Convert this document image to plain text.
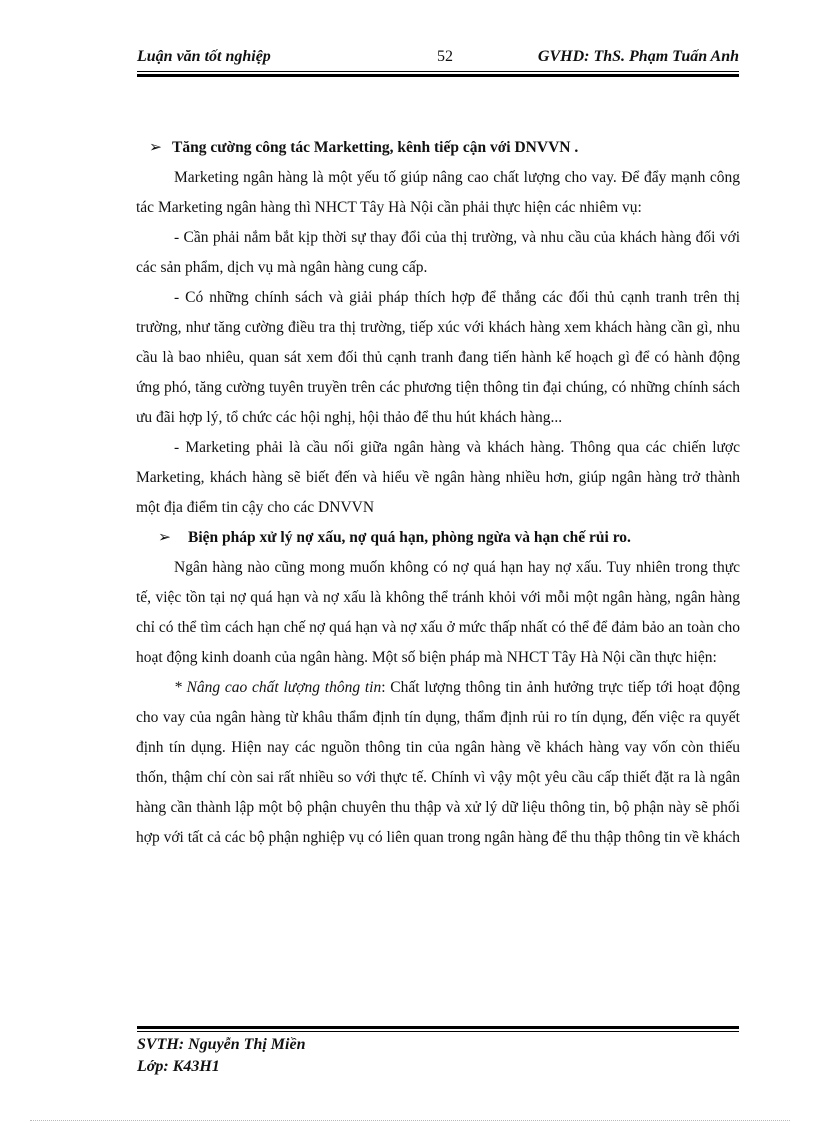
Luận văn tốt nghiệp	52	GVHD: ThS. Phạm Tuấn Anh
➢ Tăng cường công tác Marketting, kênh tiếp cận với DNVVN .

Marketing ngân hàng là một yếu tố giúp nâng cao chất lượng cho vay. Để đẩy mạnh công tác Marketing ngân hàng thì NHCT Tây Hà Nội cần phải thực hiện các nhiêm vụ:

- Cần phải nắm bắt kịp thời sự thay đổi của thị trường, và nhu cầu của khách hàng đối với các sản phẩm, dịch vụ mà ngân hàng cung cấp.

- Có những chính sách và giải pháp thích hợp để thắng các đối thủ cạnh tranh trên thị trường, như tăng cường điều tra thị trường, tiếp xúc với khách hàng xem khách hàng cần gì, nhu cầu là bao nhiêu, quan sát xem đối thủ cạnh tranh đang tiến hành kế hoạch gì để có hành động ứng phó, tăng cường tuyên truyền trên các phương tiện thông tin đại chúng, có những chính sách ưu đãi hợp lý, tổ chức các hội nghị, hội thảo để thu hút khách hàng...

- Marketing phải là cầu nối giữa ngân hàng và khách hàng. Thông qua các chiến lược Marketing, khách hàng sẽ biết đến và hiểu về ngân hàng nhiều hơn, giúp ngân hàng trở thành một địa điểm tin cậy cho các DNVVN

➢ Biện pháp xử lý nợ xấu, nợ quá hạn, phòng ngừa và hạn chế rủi ro.

Ngân hàng nào cũng mong muốn không có nợ quá hạn hay nợ xấu. Tuy nhiên trong thực tế, việc tồn tại nợ quá hạn và nợ xấu là không thể tránh khỏi với mỗi một ngân hàng, ngân hàng chỉ có thể tìm cách hạn chế nợ quá hạn và nợ xấu ở mức thấp nhất có thể để đảm bảo an toàn cho hoạt động kinh doanh của ngân hàng. Một số biện pháp mà NHCT Tây Hà Nội cần thực hiện:

* Nâng cao chất lượng thông tin: Chất lượng thông tin ảnh hưởng trực tiếp tới hoạt động cho vay của ngân hàng từ khâu thẩm định tín dụng, thẩm định rủi ro tín dụng, đến việc ra quyết định tín dụng. Hiện nay các nguồn thông tin của ngân hàng về khách hàng vay vốn còn thiếu thốn, thậm chí còn sai rất nhiều so với thực tế. Chính vì vậy một yêu cầu cấp thiết đặt ra là ngân hàng cần thành lập một bộ phận chuyên thu thập và xử lý dữ liệu thông tin, bộ phận này sẽ phối hợp với tất cả các bộ phận nghiệp vụ có liên quan trong ngân hàng để thu thập thông tin về khách

SVTH: Nguyễn Thị Miền
Lớp: K43H1
